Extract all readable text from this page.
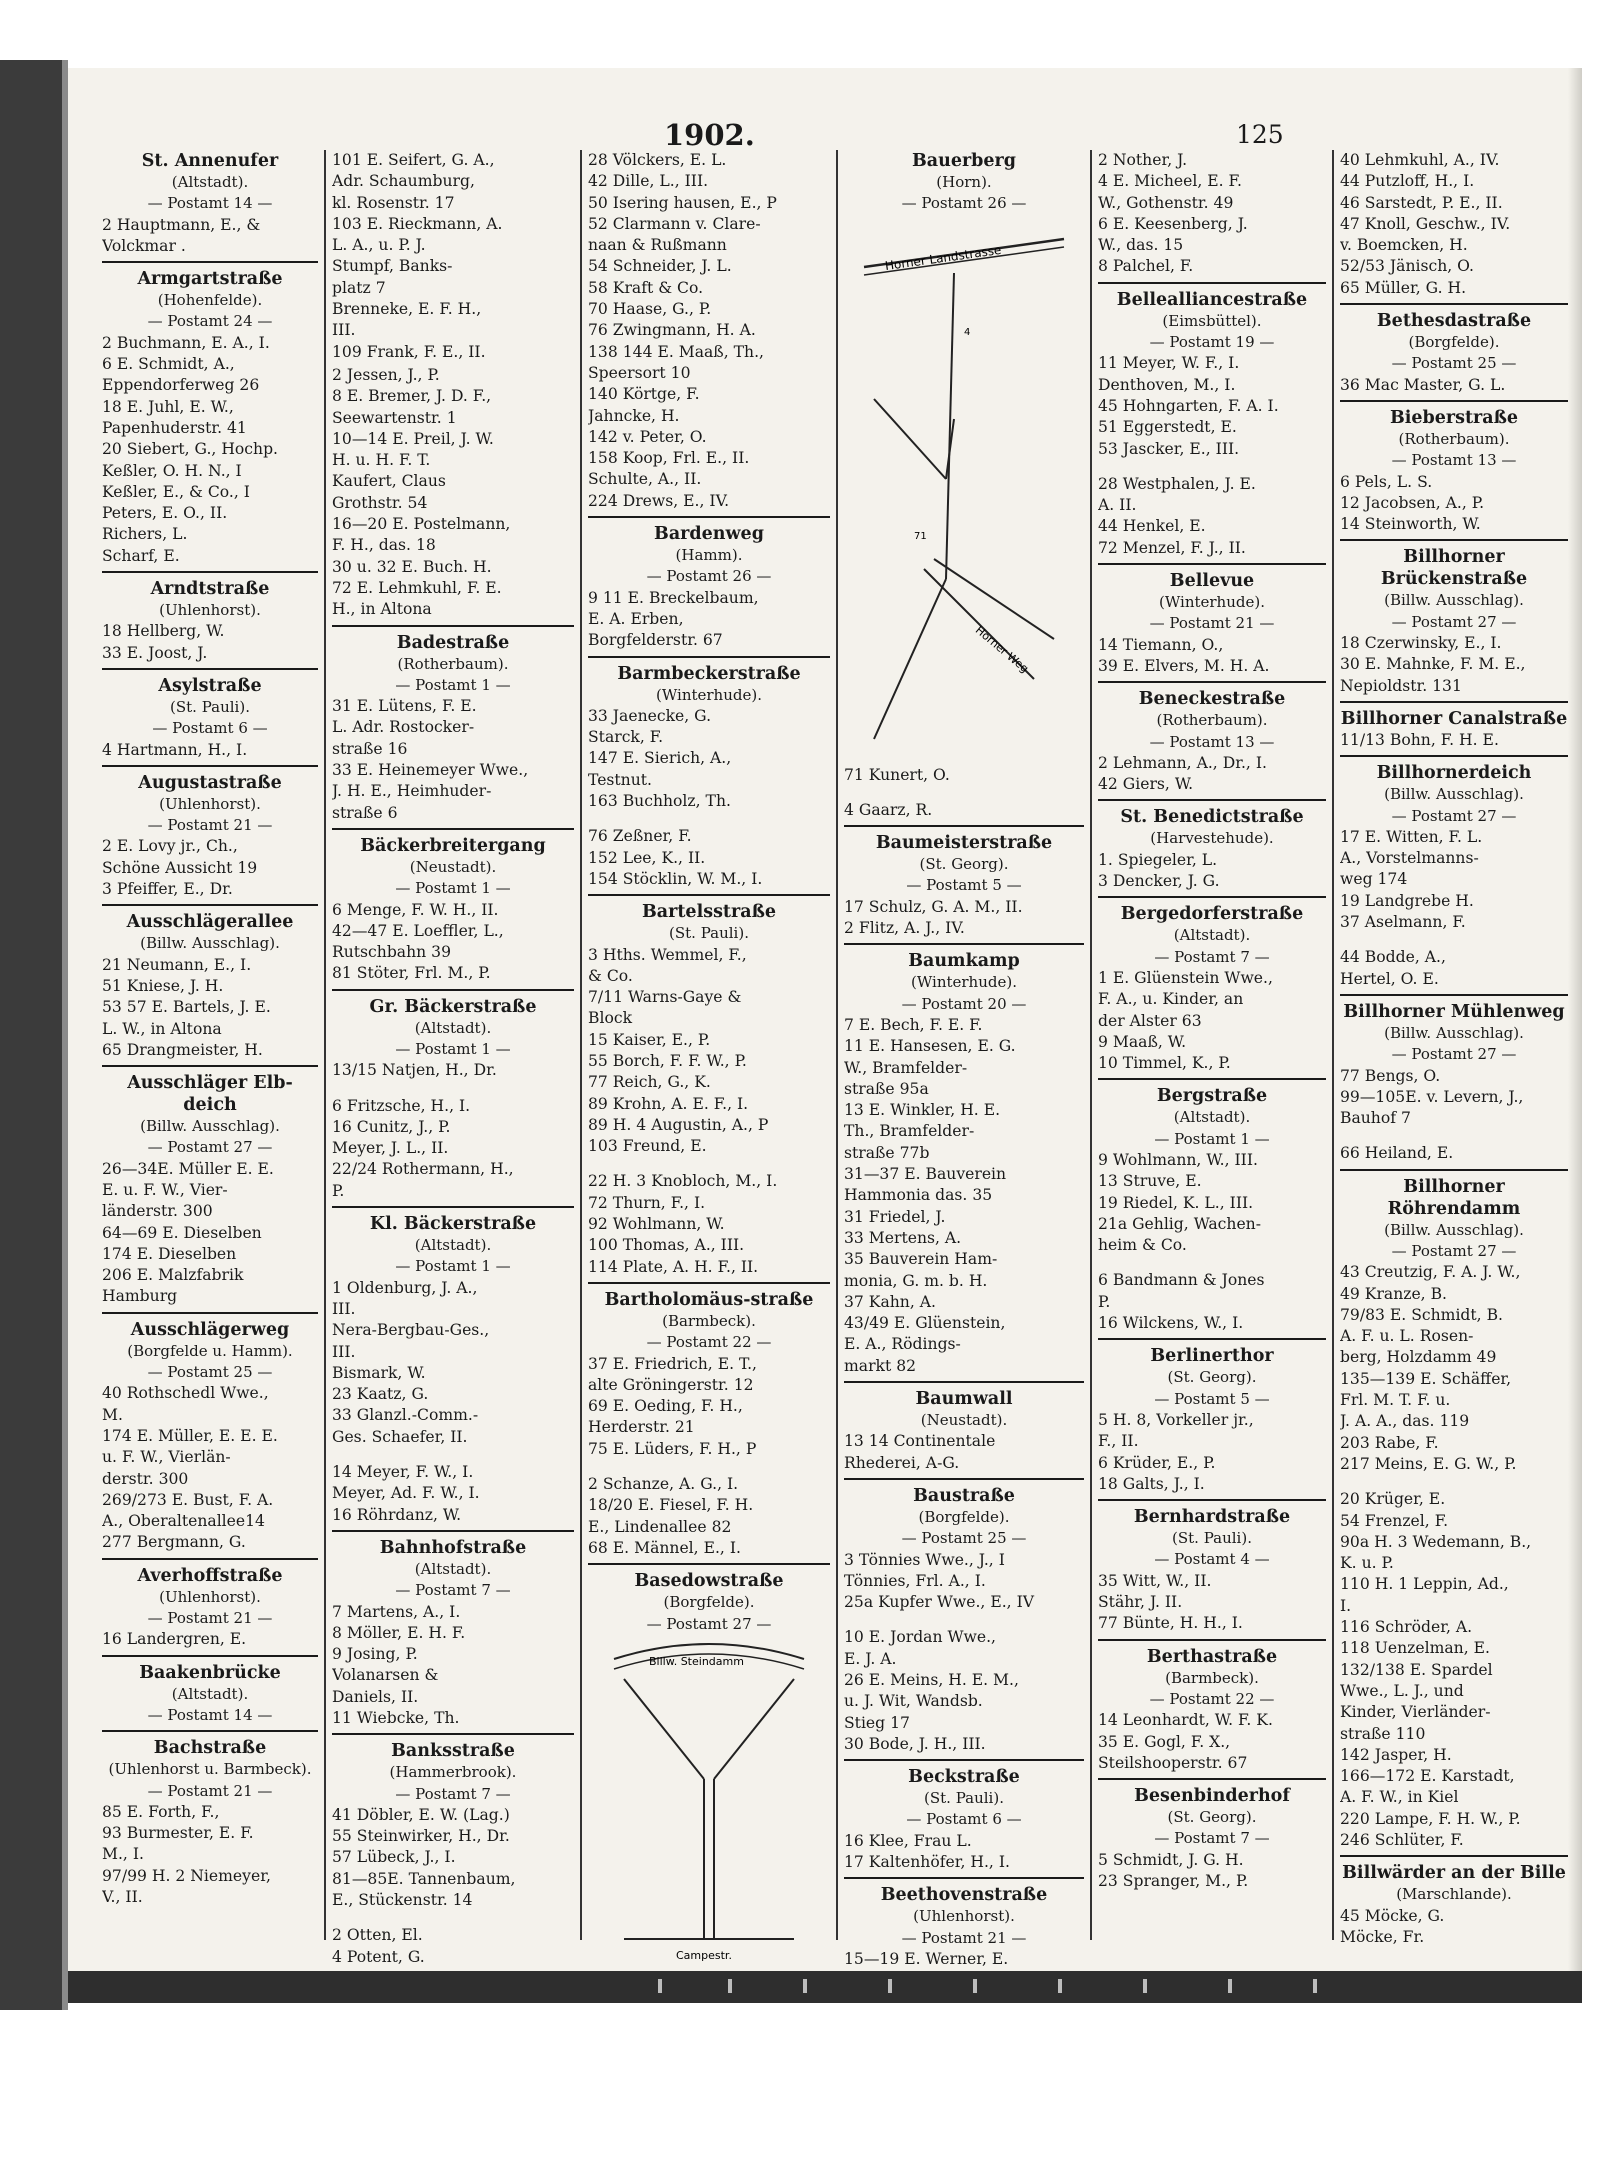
1902.	125
St. Annenufer
(Altstadt).
— Postamt 14 —
2 Hauptmann, E., &
Volckmar .
Armgartstraße
(Hohenfelde).
— Postamt 24 —
2 Buchmann, E. A., I.
6 E. Schmidt, A.,
Eppendorferweg 26
18 E. Juhl, E. W.,
Papenhuderstr. 41
20 Siebert, G., Hochp.
Keßler, O. H. N., I
Keßler, E., & Co., I
Peters, E. O., II.
Richers, L.
Scharf, E.
Arndtstraße
(Uhlenhorst).
18 Hellberg, W.
33 E. Joost, J.
Asylstraße
(St. Pauli).
— Postamt 6 —
4 Hartmann, H., I.
Augustastraße
(Uhlenhorst).
— Postamt 21 —
2 E. Lovy jr., Ch.,
Schöne Aussicht 19
3 Pfeiffer, E., Dr.
Ausschlägerallee
(Billw. Ausschlag).
21 Neumann, E., I.
51 Kniese, J. H.
53 57 E. Bartels, J. E.
L. W., in Altona
65 Drangmeister, H.
Ausschläger Elb-deich
(Billw. Ausschlag).
— Postamt 27 —
26—34E. Müller E. E.
E. u. F. W., Vier-
länderstr. 300
64—69 E. Dieselben
174 E. Dieselben
206 E. Malzfabrik
Hamburg
Ausschlägerweg
(Borgfelde u. Hamm).
— Postamt 25 —
40 Rothschedl Wwe.,
M.
174 E. Müller, E. E. E.
u. F. W., Vierlän-
derstr. 300
269/273 E. Bust, F. A.
A., Oberaltenallee14
277 Bergmann, G.
Averhoffstraße
(Uhlenhorst).
— Postamt 21 —
16 Landergren, E.
Baakenbrücke
(Altstadt).
— Postamt 14 —
Bachstraße
(Uhlenhorst u. Barmbeck).
— Postamt 21 —
85 E. Forth, F.,
93 Burmester, E. F.
M., I.
97/99 H. 2 Niemeyer,
V., II.
101 E. Seifert, G. A.,
Adr. Schaumburg,
kl. Rosenstr. 17
103 E. Rieckmann, A.
L. A., u. P. J.
Stumpf, Banks-
platz 7
Brenneke, E. F. H.,
III.
109 Frank, F. E., II.
2 Jessen, J., P.
8 E. Bremer, J. D. F.,
Seewartenstr. 1
10—14 E. Preil, J. W.
H. u. H. F. T.
Kaufert, Claus
Grothstr. 54
16—20 E. Postelmann,
F. H., das. 18
30 u. 32 E. Buch. H.
72 E. Lehmkuhl, F. E.
H., in Altona
Badestraße
(Rotherbaum).
— Postamt 1 —
31 E. Lütens, F. E.
L. Adr. Rostocker-
straße 16
33 E. Heinemeyer Wwe.,
J. H. E., Heimhuder-
straße 6
Bäckerbreitergang
(Neustadt).
— Postamt 1 —
6 Menge, F. W. H., II.
42—47 E. Loeffler, L.,
Rutschbahn 39
81 Stöter, Frl. M., P.
Gr. Bäckerstraße
(Altstadt).
— Postamt 1 —
13/15 Natjen, H., Dr.
6 Fritzsche, H., I.
16 Cunitz, J., P.
Meyer, J. L., II.
22/24 Rothermann, H.,
P.
Kl. Bäckerstraße
(Altstadt).
— Postamt 1 —
1 Oldenburg, J. A.,
III.
Nera-Bergbau-Ges.,
III.
Bismark, W.
23 Kaatz, G.
33 Glanzl.-Comm.-
Ges. Schaefer, II.
14 Meyer, F. W., I.
Meyer, Ad. F. W., I.
16 Röhrdanz, W.
Bahnhofstraße
(Altstadt).
— Postamt 7 —
7 Martens, A., I.
8 Möller, E. H. F.
9 Josing, P.
Volanarsen &
Daniels, II.
11 Wiebcke, Th.
Banksstraße
(Hammerbrook).
— Postamt 7 —
41 Döbler, E. W. (Lag.)
55 Steinwirker, H., Dr.
57 Lübeck, J., I.
81—85E. Tannenbaum,
E., Stückenstr. 14
2 Otten, El.
4 Potent, G.
28 Völckers, E. L.
42 Dille, L., III.
50 Isering hausen, E., P
52 Clarmann v. Clare-
naan & Rußmann
54 Schneider, J. L.
58 Kraft & Co.
70 Haase, G., P.
76 Zwingmann, H. A.
138 144 E. Maaß, Th.,
Speersort 10
140 Körtge, F.
Jahncke, H.
142 v. Peter, O.
158 Koop, Frl. E., II.
Schulte, A., II.
224 Drews, E., IV.
Bardenweg
(Hamm).
— Postamt 26 —
9 11 E. Breckelbaum,
E. A. Erben,
Borgfelderstr. 67
Barmbeckerstraße
(Winterhude).
33 Jaenecke, G.
Starck, F.
147 E. Sierich, A.,
Testnut.
163 Buchholz, Th.
76 Zeßner, F.
152 Lee, K., II.
154 Stöcklin, W. M., I.
Bartelsstraße
(St. Pauli).
3 Hths. Wemmel, F.,
& Co.
7/11 Warns-Gaye &
Block
15 Kaiser, E., P.
55 Borch, F. F. W., P.
77 Reich, G., K.
89 Krohn, A. E. F., I.
89 H. 4 Augustin, A., P
103 Freund, E.
22 H. 3 Knobloch, M., I.
72 Thurn, F., I.
92 Wohlmann, W.
100 Thomas, A., III.
114 Plate, A. H. F., II.
Bartholomäus-straße
(Barmbeck).
— Postamt 22 —
37 E. Friedrich, E. T.,
alte Gröningerstr. 12
69 E. Oeding, F. H.,
Herderstr. 21
75 E. Lüders, F. H., P
2 Schanze, A. G., I.
18/20 E. Fiesel, F. H.
E., Lindenallee 82
68 E. Männel, E., I.
Basedowstraße
(Borgfelde).
— Postamt 27 —
Billw. Steindamm
Campestr.
Bauerberg
(Horn).
— Postamt 26 —
Horner Landstrasse
Horner Weg
71
4
71 Kunert, O.
4 Gaarz, R.
Baumeisterstraße
(St. Georg).
— Postamt 5 —
17 Schulz, G. A. M., II.
2 Flitz, A. J., IV.
Baumkamp
(Winterhude).
— Postamt 20 —
7 E. Bech, F. E. F.
11 E. Hansesen, E. G.
W., Bramfelder-
straße 95a
13 E. Winkler, H. E.
Th., Bramfelder-
straße 77b
31—37 E. Bauverein
Hammonia das. 35
31 Friedel, J.
33 Mertens, A.
35 Bauverein Ham-
monia, G. m. b. H.
37 Kahn, A.
43/49 E. Glüenstein,
E. A., Rödings-
markt 82
Baumwall
(Neustadt).
13 14 Continentale
Rhederei, A-G.
Baustraße
(Borgfelde).
— Postamt 25 —
3 Tönnies Wwe., J., I
Tönnies, Frl. A., I.
25a Kupfer Wwe., E., IV
10 E. Jordan Wwe.,
E. J. A.
26 E. Meins, H. E. M.,
u. J. Wit, Wandsb.
Stieg 17
30 Bode, J. H., III.
Beckstraße
(St. Pauli).
— Postamt 6 —
16 Klee, Frau L.
17 Kaltenhöfer, H., I.
Beethovenstraße
(Uhlenhorst).
— Postamt 21 —
15—19 E. Werner, E.
2 Nother, J.
4 E. Micheel, E. F.
W., Gothenstr. 49
6 E. Keesenberg, J.
W., das. 15
8 Palchel, F.
Bellealliancestraße
(Eimsbüttel).
— Postamt 19 —
11 Meyer, W. F., I.
Denthoven, M., I.
45 Hohngarten, F. A. I.
51 Eggerstedt, E.
53 Jascker, E., III.
28 Westphalen, J. E.
A. II.
44 Henkel, E.
72 Menzel, F. J., II.
Bellevue
(Winterhude).
— Postamt 21 —
14 Tiemann, O.,
39 E. Elvers, M. H. A.
Beneckestraße
(Rotherbaum).
— Postamt 13 —
2 Lehmann, A., Dr., I.
42 Giers, W.
St. Benedictstraße
(Harvestehude).
1. Spiegeler, L.
3 Dencker, J. G.
Bergedorferstraße
(Altstadt).
— Postamt 7 —
1 E. Glüenstein Wwe.,
F. A., u. Kinder, an
der Alster 63
9 Maaß, W.
10 Timmel, K., P.
Bergstraße
(Altstadt).
— Postamt 1 —
9 Wohlmann, W., III.
13 Struve, E.
19 Riedel, K. L., III.
21a Gehlig, Wachen-
heim & Co.
6 Bandmann & Jones
P.
16 Wilckens, W., I.
Berlinerthor
(St. Georg).
— Postamt 5 —
5 H. 8, Vorkeller jr.,
F., II.
6 Krüder, E., P.
18 Galts, J., I.
Bernhardstraße
(St. Pauli).
— Postamt 4 —
35 Witt, W., II.
Stähr, J. II.
77 Bünte, H. H., I.
Berthastraße
(Barmbeck).
— Postamt 22 —
14 Leonhardt, W. F. K.
35 E. Gogl, F. X.,
Steilshooperstr. 67
Besenbinderhof
(St. Georg).
— Postamt 7 —
5 Schmidt, J. G. H.
23 Spranger, M., P.
40 Lehmkuhl, A., IV.
44 Putzloff, H., I.
46 Sarstedt, P. E., II.
47 Knoll, Geschw., IV.
v. Boemcken, H.
52/53 Jänisch, O.
65 Müller, G. H.
Bethesdastraße
(Borgfelde).
— Postamt 25 —
36 Mac Master, G. L.
Bieberstraße
(Rotherbaum).
— Postamt 13 —
6 Pels, L. S.
12 Jacobsen, A., P.
14 Steinworth, W.
Billhorner Brückenstraße
(Billw. Ausschlag).
— Postamt 27 —
18 Czerwinsky, E., I.
30 E. Mahnke, F. M. E.,
Nepioldstr. 131
Billhorner Canalstraße
11/13 Bohn, F. H. E.
Billhornerdeich
(Billw. Ausschlag).
— Postamt 27 —
17 E. Witten, F. L.
A., Vorstelmanns-
weg 174
19 Landgrebe H.
37 Aselmann, F.
44 Bodde, A.,
Hertel, O. E.
Billhorner Mühlenweg
(Billw. Ausschlag).
— Postamt 27 —
77 Bengs, O.
99—105E. v. Levern, J.,
Bauhof 7
66 Heiland, E.
Billhorner Röhrendamm
(Billw. Ausschlag).
— Postamt 27 —
43 Creutzig, F. A. J. W.,
49 Kranze, B.
79/83 E. Schmidt, B.
A. F. u. L. Rosen-
berg, Holzdamm 49
135—139 E. Schäffer,
Frl. M. T. F. u.
J. A. A., das. 119
203 Rabe, F.
217 Meins, E. G. W., P.
20 Krüger, E.
54 Frenzel, F.
90a H. 3 Wedemann, B.,
K. u. P.
110 H. 1 Leppin, Ad.,
I.
116 Schröder, A.
118 Uenzelman, E.
132/138 E. Spardel
Wwe., L. J., und
Kinder, Vierländer-
straße 110
142 Jasper, H.
166—172 E. Karstadt,
A. F. W., in Kiel
220 Lampe, F. H. W., P.
246 Schlüter, F.
Billwärder an der Bille
(Marschlande).
45 Möcke, G.
Möcke, Fr.
